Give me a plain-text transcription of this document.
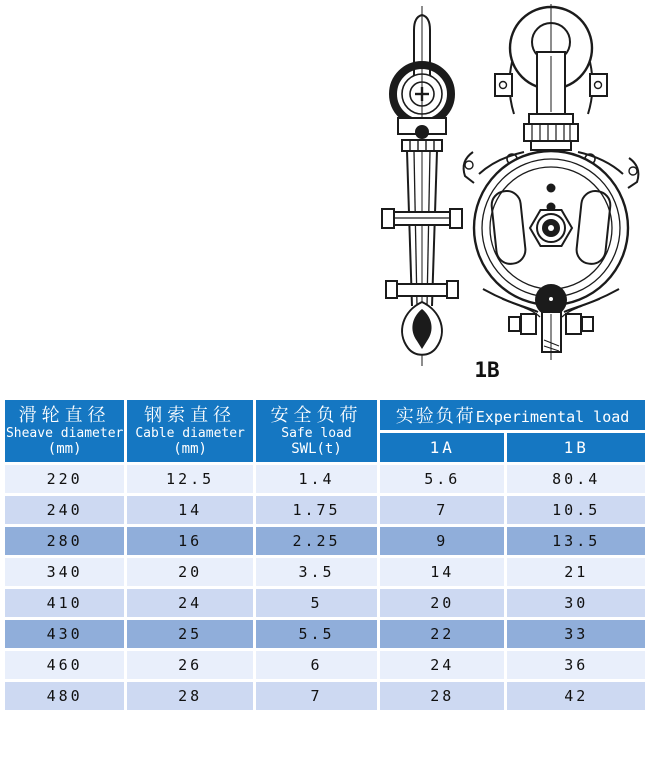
1B
滑轮直径
Sheave diameter
(mm)	钢索直径
Cable diameter
(mm)	安全负荷
Safe load
SWL(t)	实验负荷Experimental load	
			1A	1B
220	12.5	1.4	5.6	80.4
240	14	1.75	7	10.5
280	16	2.25	9	13.5
340	20	3.5	14	21
410	24	5	20	30
430	25	5.5	22	33
460	26	6	24	36
480	28	7	28	42
